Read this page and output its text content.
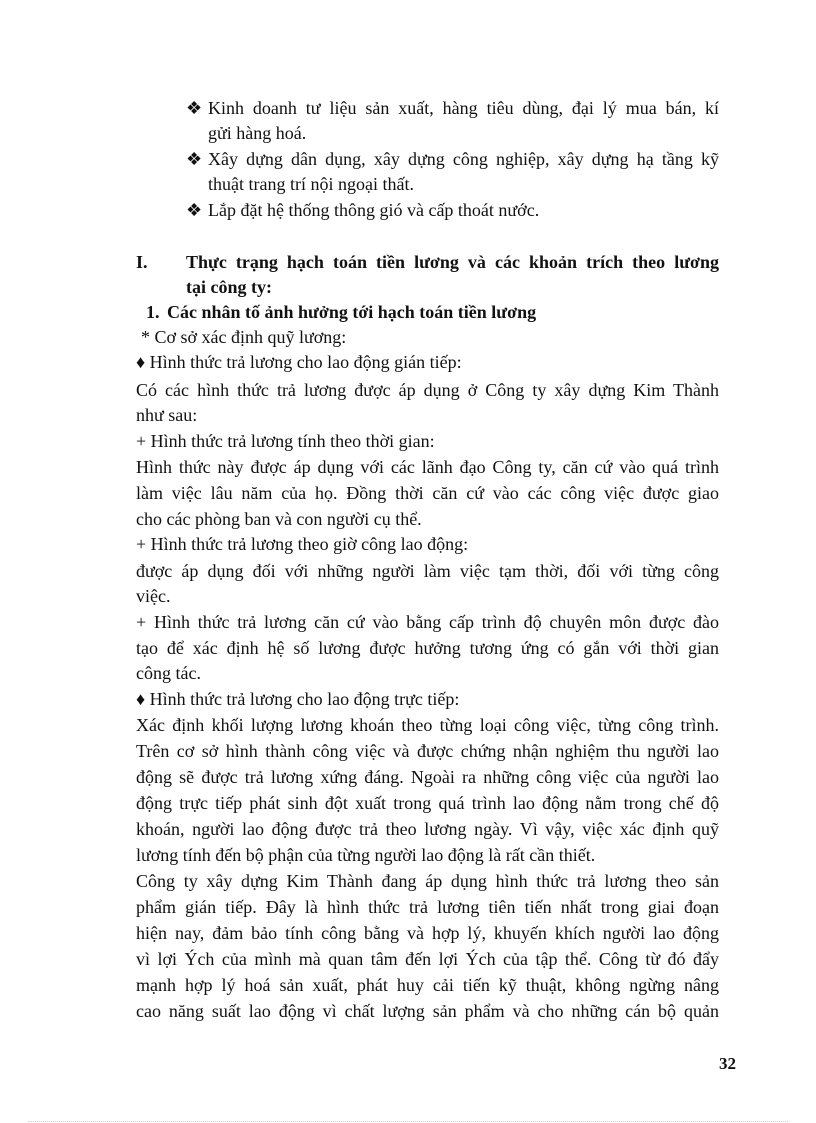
❖ Kinh doanh tư liệu sản xuất, hàng tiêu dùng, đại lý mua bán, kí
gửi hàng hoá.
❖ Xây dựng dân dụng, xây dựng công nghiệp, xây dựng hạ tầng kỹ
thuật trang trí nội ngoại thất.
❖ Lắp đặt hệ thống thông gió và cấp thoát nước.
I. Thực trạng hạch toán tiền lương và các khoản trích theo lương
tại công ty:
1. Các nhân tố ảnh hưởng tới hạch toán tiền lương
* Cơ sở xác định quỹ lương:
♦ Hình thức trả lương cho lao động gián tiếp:
Có các hình thức trả lương được áp dụng ở Công ty xây dựng Kim Thành
như sau:
+ Hình thức trả lương tính theo thời gian:
Hình thức này được áp dụng với các lãnh đạo Công ty, căn cứ vào quá trình
làm việc lâu năm của họ. Đồng thời căn cứ vào các công việc được giao
cho các phòng ban và con người cụ thể.
+ Hình thức trả lương theo giờ công lao động:
được áp dụng đối với những người làm việc tạm thời, đối với từng công
việc.
+ Hình thức trả lương căn cứ vào bằng cấp trình độ chuyên môn được đào
tạo để xác định hệ số lương được hưởng tương ứng có gắn với thời gian
công tác.
♦ Hình thức trả lương cho lao động trực tiếp:
Xác định khối lượng lương khoán theo từng loại công việc, từng công trình.
Trên cơ sở hình thành công việc và được chứng nhận nghiệm thu người lao
động sẽ được trả lương xứng đáng. Ngoài ra những công việc của người lao
động trực tiếp phát sinh đột xuất trong quá trình lao động nằm trong chế độ
khoán, người lao động được trả theo lương ngày. Vì vậy, việc xác định quỹ
lương tính đến bộ phận của từng người lao động là rất cần thiết.
Công ty xây dựng Kim Thành đang áp dụng hình thức trả lương theo sản
phẩm gián tiếp. Đây là hình thức trả lương tiên tiến nhất trong giai đoạn
hiện nay, đảm bảo tính công bằng và hợp lý, khuyến khích người lao động
vì lợi Ých của mình mà quan tâm đến lợi Ých của tập thể. Công từ đó đẩy
mạnh hợp lý hoá sản xuất, phát huy cải tiến kỹ thuật, không ngừng nâng
cao năng suất lao động vì chất lượng sản phẩm và cho những cán bộ quản
32
